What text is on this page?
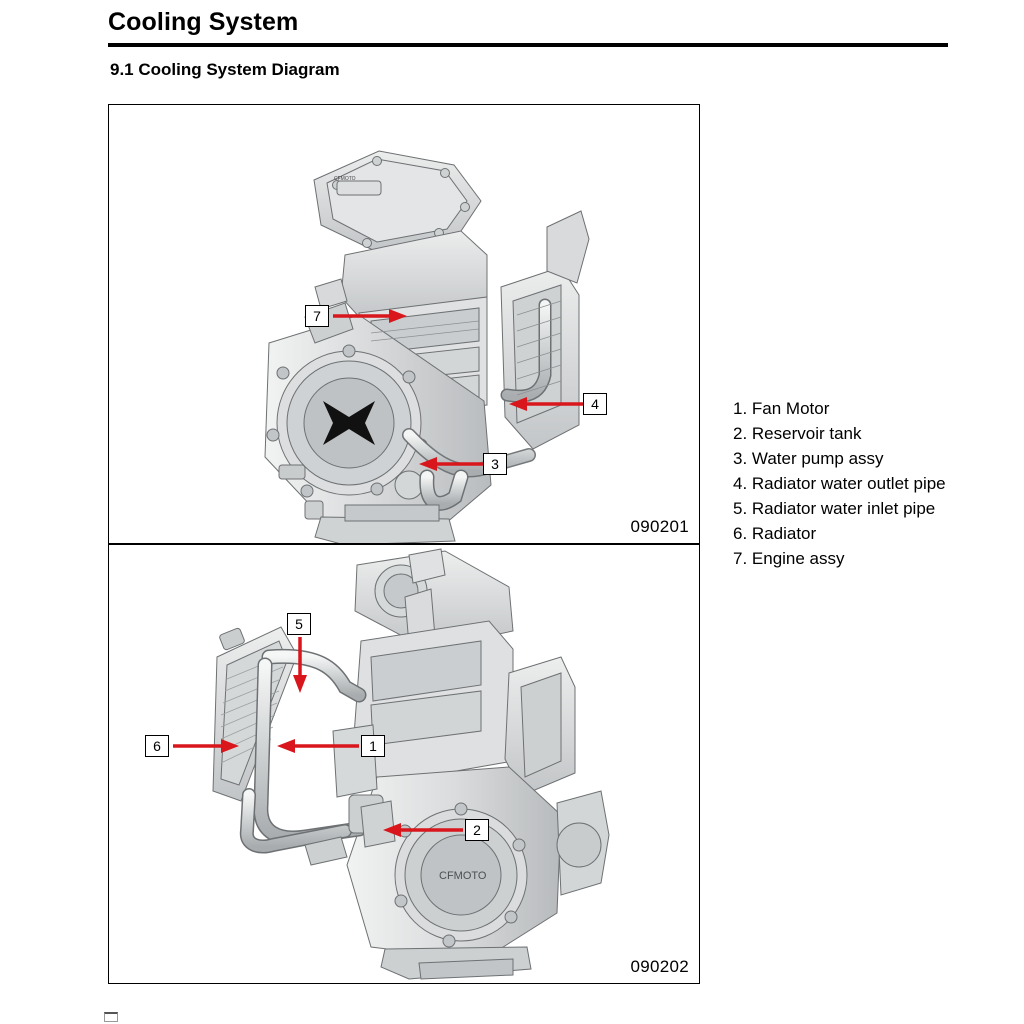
Cooling System
9.1 Cooling System Diagram
CFMOTO
7
4
3
090201
CFMOTO
5
6	1
2
090202
1. Fan Motor
2. Reservoir tank
3. Water pump assy
4. Radiator water outlet pipe
5. Radiator water inlet pipe
6. Radiator
7. Engine assy
